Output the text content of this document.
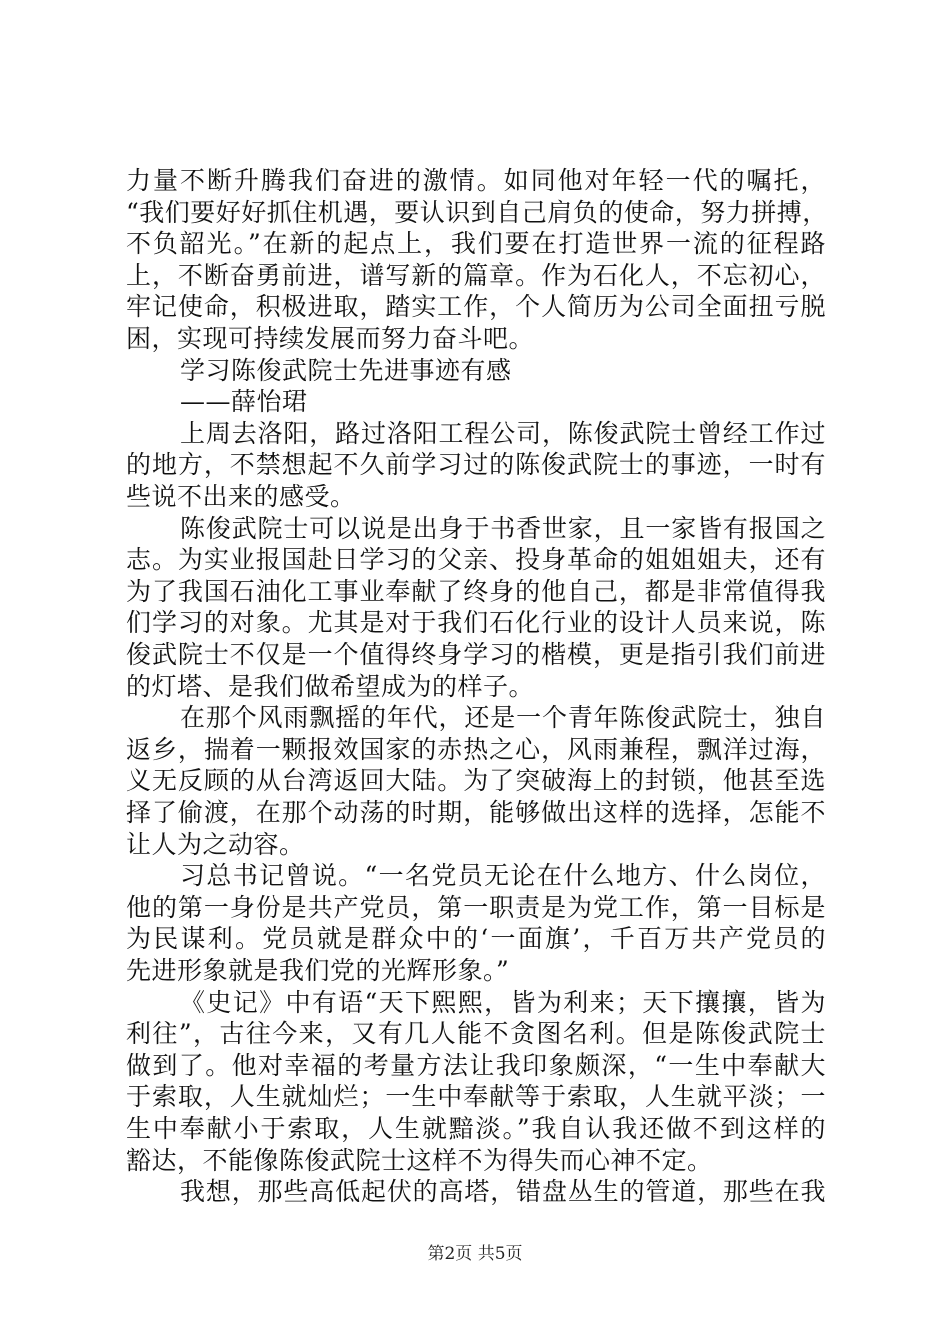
力量不断升腾我们奋进的激情。如同他对年轻一代的嘱托，
“我们要好好抓住机遇，要认识到自己肩负的使命，努力拼搏，
不负韶光。”在新的起点上，我们要在打造世界一流的征程路
上，不断奋勇前进，谱写新的篇章。作为石化人，不忘初心，
牢记使命，积极进取，踏实工作，个人简历为公司全面扭亏脱
困，实现可持续发展而努力奋斗吧。
学习陈俊武院士先进事迹有感
——薛怡珺
上周去洛阳，路过洛阳工程公司，陈俊武院士曾经工作过
的地方，不禁想起不久前学习过的陈俊武院士的事迹，一时有
些说不出来的感受。
陈俊武院士可以说是出身于书香世家，且一家皆有报国之
志。为实业报国赴日学习的父亲、投身革命的姐姐姐夫，还有
为了我国石油化工事业奉献了终身的他自己，都是非常值得我
们学习的对象。尤其是对于我们石化行业的设计人员来说，陈
俊武院士不仅是一个值得终身学习的楷模，更是指引我们前进
的灯塔、是我们做希望成为的样子。
在那个风雨飘摇的年代，还是一个青年陈俊武院士，独自
返乡，揣着一颗报效国家的赤热之心，风雨兼程，飘洋过海，
义无反顾的从台湾返回大陆。为了突破海上的封锁，他甚至选
择了偷渡，在那个动荡的时期，能够做出这样的选择，怎能不
让人为之动容。
习总书记曾说。“一名党员无论在什么地方、什么岗位，
他的第一身份是共产党员，第一职责是为党工作，第一目标是
为民谋利。党员就是群众中的‘一面旗’，千百万共产党员的
先进形象就是我们党的光辉形象。”
《史记》中有语“天下熙熙，皆为利来；天下攘攘，皆为
利往”，古往今来，又有几人能不贪图名利。但是陈俊武院士
做到了。他对幸福的考量方法让我印象颇深，“一生中奉献大
于索取，人生就灿烂；一生中奉献等于索取，人生就平淡；一
生中奉献小于索取，人生就黯淡。”我自认我还做不到这样的
豁达，不能像陈俊武院士这样不为得失而心神不定。
我想，那些高低起伏的高塔，错盘丛生的管道，那些在我
第2页 共5页
